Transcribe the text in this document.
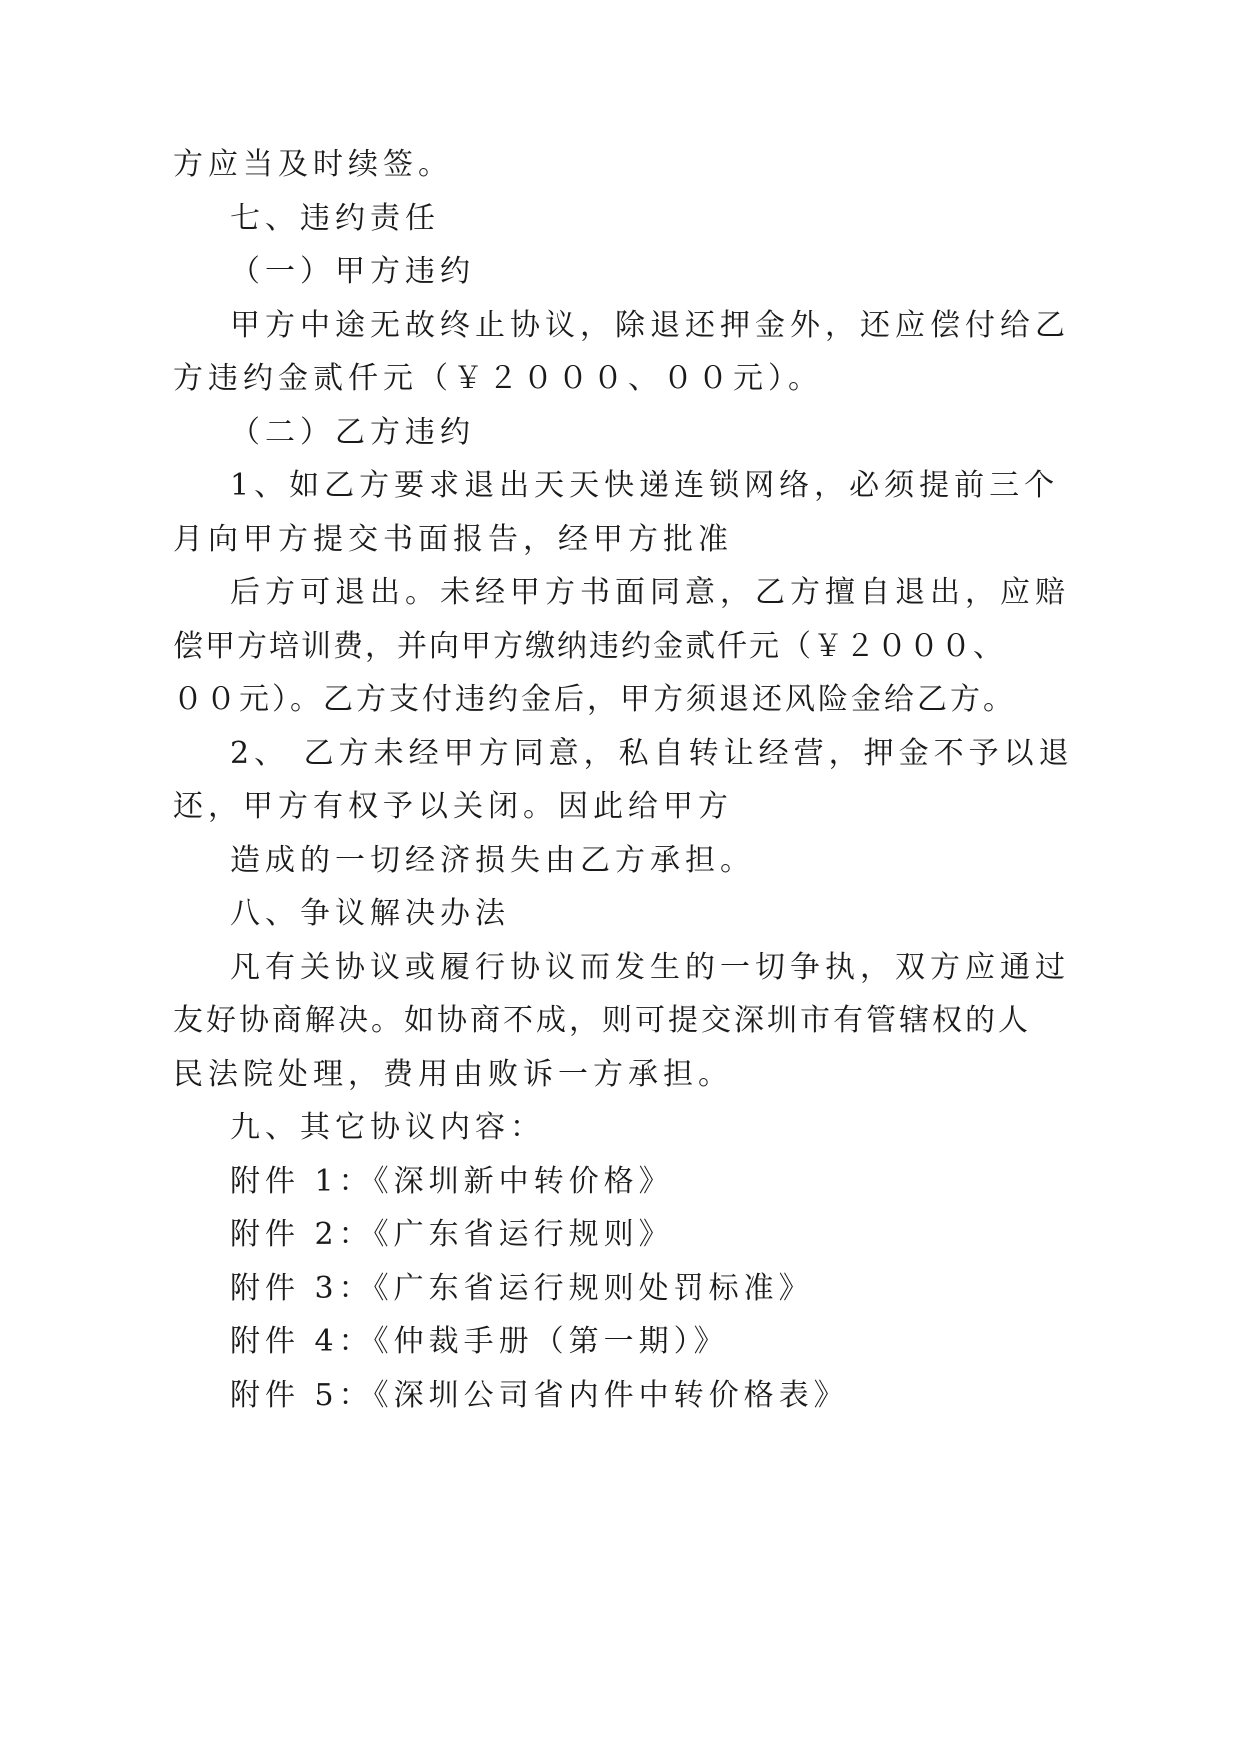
方应当及时续签。
七、违约责任
（一）甲方违约
甲方中途无故终止协议，除退还押金外，还应偿付给乙
方违约金贰仟元（￥２０００、００元）。
（二）乙方违约
1、如乙方要求退出天天快递连锁网络，必须提前三个
月向甲方提交书面报告，经甲方批准
后方可退出。未经甲方书面同意，乙方擅自退出，应赔
偿甲方培训费，并向甲方缴纳违约金贰仟元（￥２０００、
００元）。乙方支付违约金后，甲方须退还风险金给乙方。
2、 乙方未经甲方同意，私自转让经营，押金不予以退
还，甲方有权予以关闭。因此给甲方
造成的一切经济损失由乙方承担。
八、争议解决办法
凡有关协议或履行协议而发生的一切争执，双方应通过
友好协商解决。如协商不成，则可提交深圳市有管辖权的人
民法院处理，费用由败诉一方承担。
九、其它协议内容：
附件 1：《深圳新中转价格》
附件 2：《广东省运行规则》
附件 3：《广东省运行规则处罚标准》
附件 4：《仲裁手册（第一期）》
附件 5：《深圳公司省内件中转价格表》
